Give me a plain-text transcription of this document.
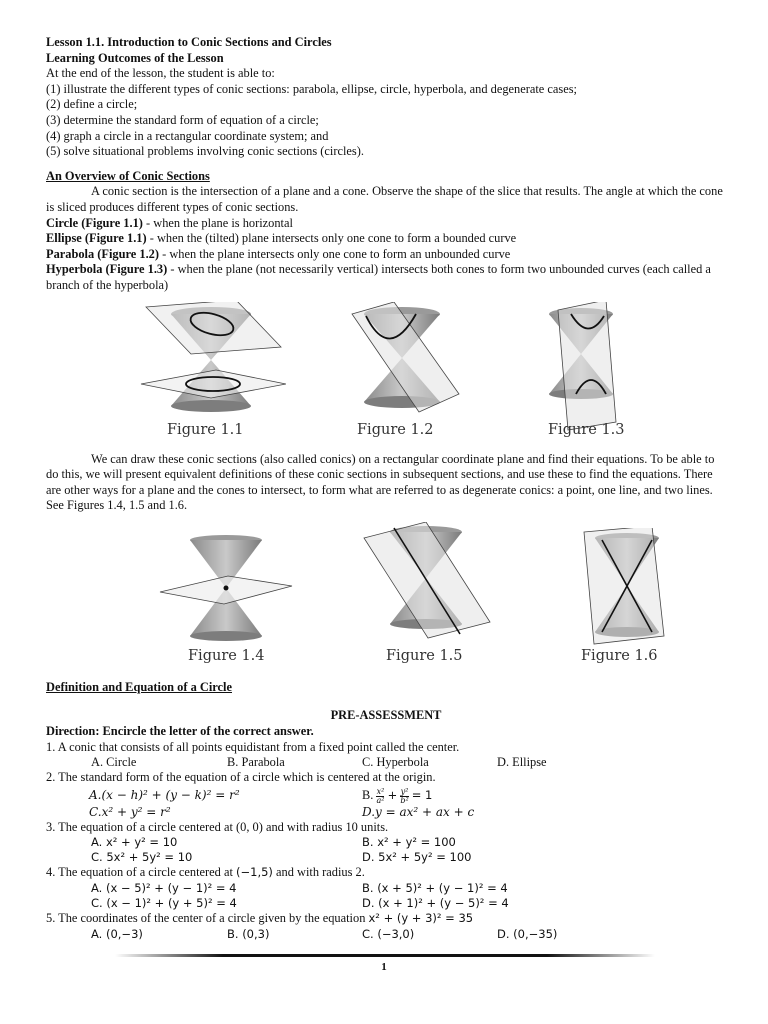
Lesson 1.1. Introduction to Conic Sections and Circles
Learning Outcomes of the Lesson
At the end of the lesson, the student is able to:
(1) illustrate the different types of conic sections: parabola, ellipse, circle, hyperbola, and degenerate cases;
(2) define a circle;
(3) determine the standard form of equation of a circle;
(4) graph a circle in a rectangular coordinate system; and
(5) solve situational problems involving conic sections (circles).
An Overview of Conic Sections
A conic section is the intersection of a plane and a cone. Observe the shape of the slice that results. The angle at which the cone is sliced produces different types of conic sections.
Circle (Figure 1.1) - when the plane is horizontal
Ellipse (Figure 1.1) - when the (tilted) plane intersects only one cone to form a bounded curve
Parabola (Figure 1.2) - when the plane intersects only one cone to form an unbounded curve
Hyperbola (Figure 1.3) - when the plane (not necessarily vertical) intersects both cones to form two unbounded curves (each called a branch of the hyperbola)
Figure 1.1	Figure 1.2	Figure 1.3
We can draw these conic sections (also called conics) on a rectangular coordinate plane and find their equations. To be able to do this, we will present equivalent definitions of these conic sections in subsequent sections, and use these to find the equations. There are other ways for a plane and the cones to intersect, to form what are referred to as degenerate conics: a point, one line, and two lines. See Figures 1.4, 1.5 and 1.6.
Figure 1.4	Figure 1.5	Figure 1.6
Definition and Equation of a Circle
PRE-ASSESSMENT
Direction: Encircle the letter of the correct answer.
1. A conic that consists of all points equidistant from a fixed point called the center.
A. Circle	B. Parabola	C. Hyperbola	D. Ellipse
2. The standard form of the equation of a circle which is centered at the origin.
A.(x − h)² + (y − k)² = r²	B. $\frac{\text{x²}}{\text{a²}} + \frac{\text{y²}}{\text{b²}} = 1$
C.x² + y² = r²	D.y = ax² + ax + c
3. The equation of a circle centered at (0, 0) and with radius 10 units.
A. x² + y² = 10	B. x² + y² = 100
C. 5x² + 5y² = 10	D. 5x² + 5y² = 100
4. The equation of a circle centered at (−1,5) and with radius 2.
A. (x − 5)² + (y − 1)² = 4	B. (x + 5)² + (y − 1)² = 4
C. (x − 1)² + (y + 5)² = 4	D. (x + 1)² + (y − 5)² = 4
5. The coordinates of the center of a circle given by the equation x² + (y + 3)² = 35
A. (0,−3)	B. (0,3)	C. (−3,0)	D. (0,−35)
1
